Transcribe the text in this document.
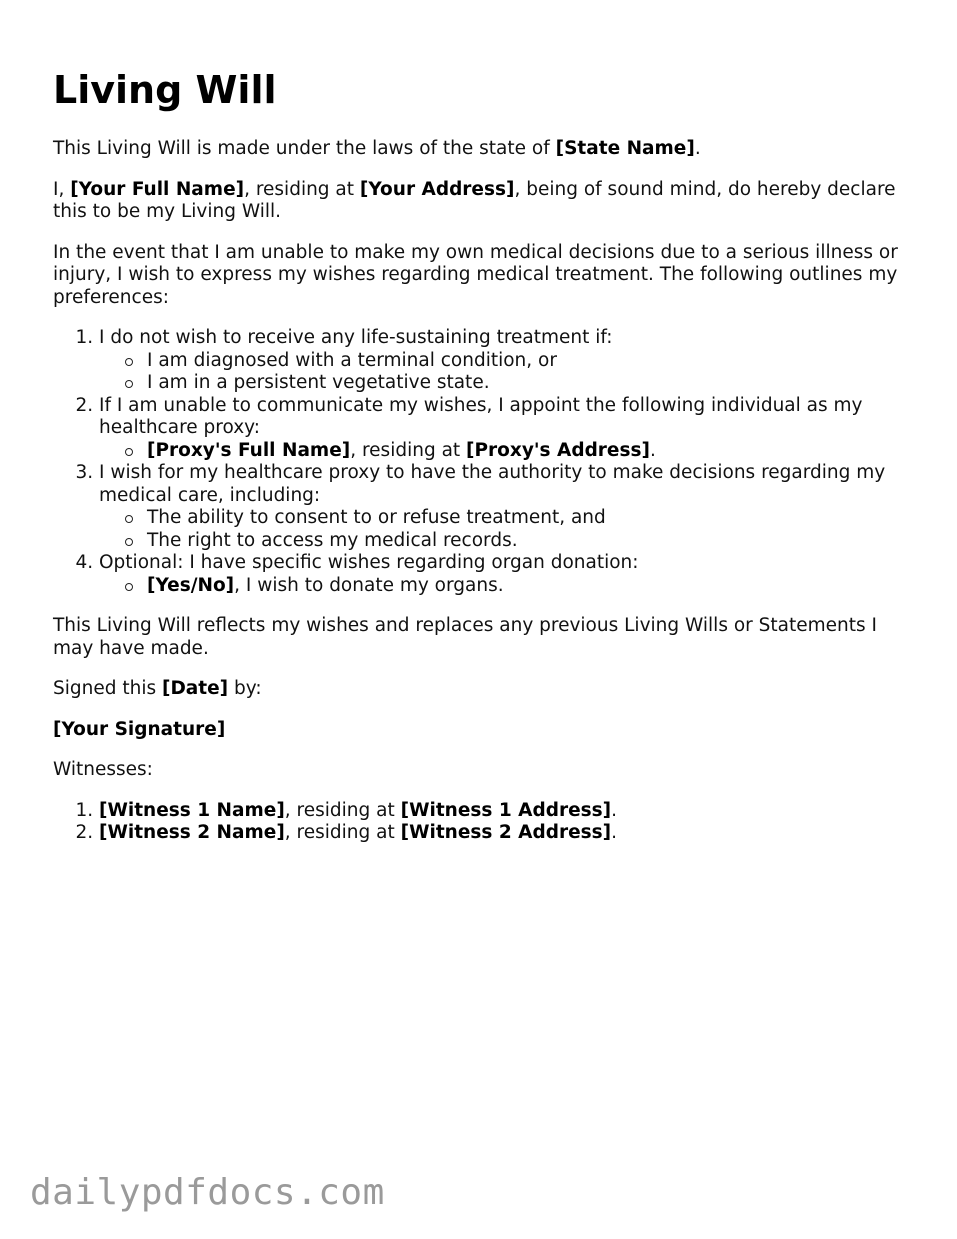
Living Will

This Living Will is made under the laws of the state of [State Name].

I, [Your Full Name], residing at [Your Address], being of sound mind, do hereby declare this to be my Living Will.

In the event that I am unable to make my own medical decisions due to a serious illness or injury, I wish to express my wishes regarding medical treatment. The following outlines my preferences:

1. I do not wish to receive any life-sustaining treatment if:
I am diagnosed with a terminal condition, or
I am in a persistent vegetative state.
2. If I am unable to communicate my wishes, I appoint the following individual as my healthcare proxy:
[Proxy's Full Name], residing at [Proxy's Address].
3. I wish for my healthcare proxy to have the authority to make decisions regarding my medical care, including:
The ability to consent to or refuse treatment, and
The right to access my medical records.
4. Optional: I have specific wishes regarding organ donation:
[Yes/No], I wish to donate my organs.

This Living Will reflects my wishes and replaces any previous Living Wills or Statements I may have made.

Signed this [Date] by:

[Your Signature]

Witnesses:

1. [Witness 1 Name], residing at [Witness 1 Address].
2. [Witness 2 Name], residing at [Witness 2 Address].
dailypdfdocs.com
